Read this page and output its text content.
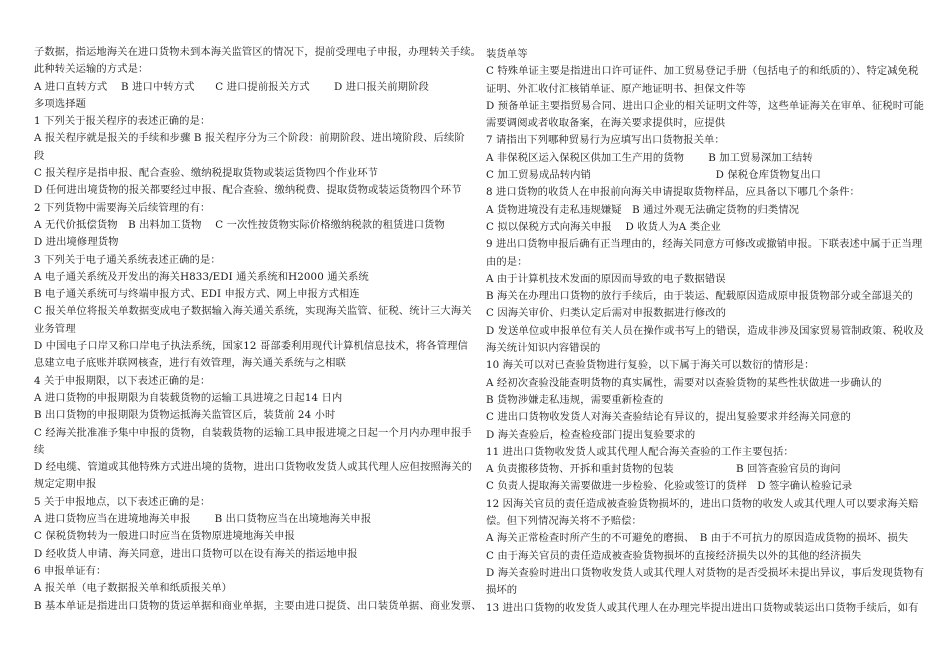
子数据，指运地海关在进口货物未到本海关监管区的情况下，提前受理电子申报，办理转关手续。
此种转关运输的方式是：
A 进口直转方式　 B 进口中转方式　　C 进口提前报关方式　　 D 进口报关前期阶段
多项选择题
1 下列关于报关程序的表述正确的是：
A 报关程序就是报关的手续和步骤 B 报关程序分为三个阶段：前期阶段、进出境阶段、后续阶
段
C 报关程序是指申报、配合查验、缴纳税提取货物或装运货物四个作业环节
D 任何进出境货物的报关都要经过申报、配合查验、缴纳税费、提取货物或装运货物四个环节
2 下列货物中需要海关后续管理的有：
A 无代价抵偿货物　B 出料加工货物　 C 一次性按货物实际价格缴纳税款的租赁进口货物
D 进出境修理货物
3 下列关于电子通关系统表述正确的是：
A 电子通关系统及开发出的海关H833/EDI 通关系统和H2000 通关系统
B 电子通关系统可与终端申报方式、EDI 申报方式、网上申报方式相连
C 报关单位将报关单数据变成电子数据输入海关通关系统，实现海关监管、征税、统计三大海关
业务管理
D 中国电子口岸又称口岸电子执法系统，国家12 哥部委利用现代计算机信息技术，将各管理信
息建立电子底账并联网核查，进行有效管理，海关通关系统与之相联
4 关于申报期限，以下表述正确的是：
A 进口货物的申报期限为自装载货物的运输工具进境之日起14 日内
B 出口货物的申报期限为货物运抵海关监管区后，装货前 24 小时
C 经海关批准准予集中申报的货物，自装载货物的运输工具申报进境之日起一个月内办理申报手
续
D 经电缆、管道或其他特殊方式进出境的货物，进出口货物收发货人或其代理人应但按照海关的
规定定期申报
5 关于申报地点，以下表述正确的是：
A 进口货物应当在进境地海关申报　　 B 出口货物应当在出境地海关申报
C 保税货物转为一般进口时应当在货物原进境地海关申报
D 经收货人申请、海关同意，进出口货物可以在设有海关的指运地申报
6 申报单证有：
A 报关单（电子数据报关单和纸质报关单）
B 基本单证是指进出口货物的货运单据和商业单据，主要由进口提货、出口装货单据、商业发票、
装货单等
C 特殊单证主要是指进出口许可证件、加工贸易登记手册（包括电子的和纸质的）、特定减免税
证明、外汇收付汇核销单证、原产地证明书、担保文件等
D 预备单证主要指贸易合同、进出口企业的相关证明文件等，这些单证海关在审单、征税时可能
需要调阅或者收取备案，在海关要求提供时，应提供
7 请指出下列哪种贸易行为应填写出口货物报关单：
A 非保税区运入保税区供加工生产用的货物　　 B 加工贸易深加工结转
C 加工贸易成品转内销　　　　　　　　　　　　D 保税仓库货物复出口
8 进口货物的收货人在申报前向海关申请提取货物样品，应具备以下哪几个条件：
A 货物进境没有走私违规嫌疑　B 通过外观无法确定货物的归类情况
C 拟以保税方式向海关申报　 D 收货人为A 类企业
9 进出口货物申报后确有正当理由的，经海关同意方可修改或撤销申报。下联表述中属于正当理
由的是：
A 由于计算机技术发面的原因而导致的电子数据错误
B 海关在办理出口货物的放行手续后，由于装运、配载原因造成原申报货物部分或全部退关的
C 因海关审价、归类认定后需对申报数据进行修改的
D 发送单位或申报单位有关人员在操作或书写上的错误，造成非涉及国家贸易管制政策、税收及
海关统计知识内容错误的
10 海关可以对已查验货物进行复验，以下属于海关可以数衍的情形是：
A 经初次查验没能查明货物的真实属性，需要对以查验货物的某些性状做进一步确认的
B 货物涉嫌走私违规，需要重新检查的
C 进出口货物收发货人对海关查验结论有异议的，提出复验要求并经海关同意的
D 海关查验后，检查检疫部门提出复验要求的
11 进出口货物收发货人或其代理人配合海关查验的工作主要包括：
A 负责搬移货物、开拆和重封货物的包装　　　　　　B 回答查验官员的询问
C 负责人提取海关需要做进一步检验、化验或签订的货样　D 签字确认检验记录
12 因海关官员的责任造成被查验货物损坏的，进出口货物的收发人或其代理人可以要求海关赔
偿。但下列情况海关将不予赔偿：
A 海关正常检查时所产生的不可避免的磨损、　B 由于不可抗力的原因造成货物的损坏、损失
C 由于海关官员的责任造成被查验货物损坏的直接经济损失以外的其他的经济损失
D 海关查验时进出口货物收发货人或其代理人对货物的是否受损坏未提出异议，事后发现货物有
损坏的
13 进出口货物的收发货人或其代理人在办理完毕提出进出口货物或装运出口货物手续后，如有
